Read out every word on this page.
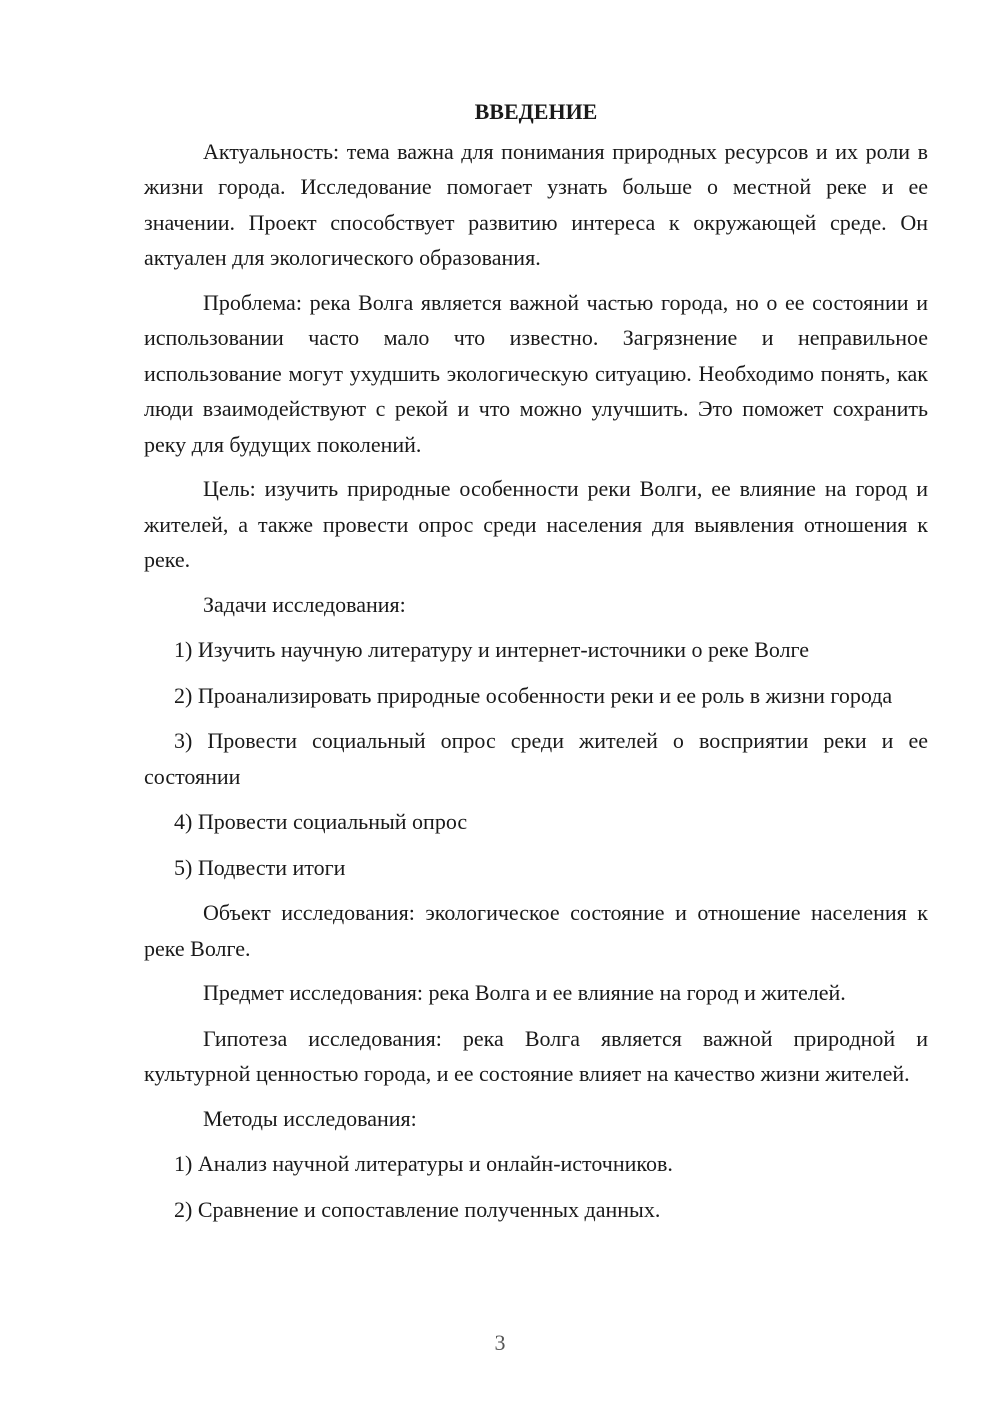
ВВЕДЕНИЕ

Актуальность: тема важна для понимания природных ресурсов и их роли в жизни города. Исследование помогает узнать больше о местной реке и ее значении. Проект способствует развитию интереса к окружающей среде. Он актуален для экологического образования.

Проблема: река Волга является важной частью города, но о ее состоянии и использовании часто мало что известно. Загрязнение и неправильное использование могут ухудшить экологическую ситуацию. Необходимо понять, как люди взаимодействуют с рекой и что можно улучшить. Это поможет сохранить реку для будущих поколений.

Цель: изучить природные особенности реки Волги, ее влияние на город и жителей, а также провести опрос среди населения для выявления отношения к реке.

Задачи исследования:

1) Изучить научную литературу и интернет-источники о реке Волге

2) Проанализировать природные особенности реки и ее роль в жизни города

3) Провести социальный опрос среди жителей о восприятии реки и ее состоянии

4) Провести социальный опрос

5) Подвести итоги

Объект исследования: экологическое состояние и отношение населения к реке Волге.

Предмет исследования: река Волга и ее влияние на город и жителей.

Гипотеза исследования: река Волга является важной природной и культурной ценностью города, и ее состояние влияет на качество жизни жителей.

Методы исследования:

1) Анализ научной литературы и онлайн-источников.

2) Сравнение и сопоставление полученных данных.

3
